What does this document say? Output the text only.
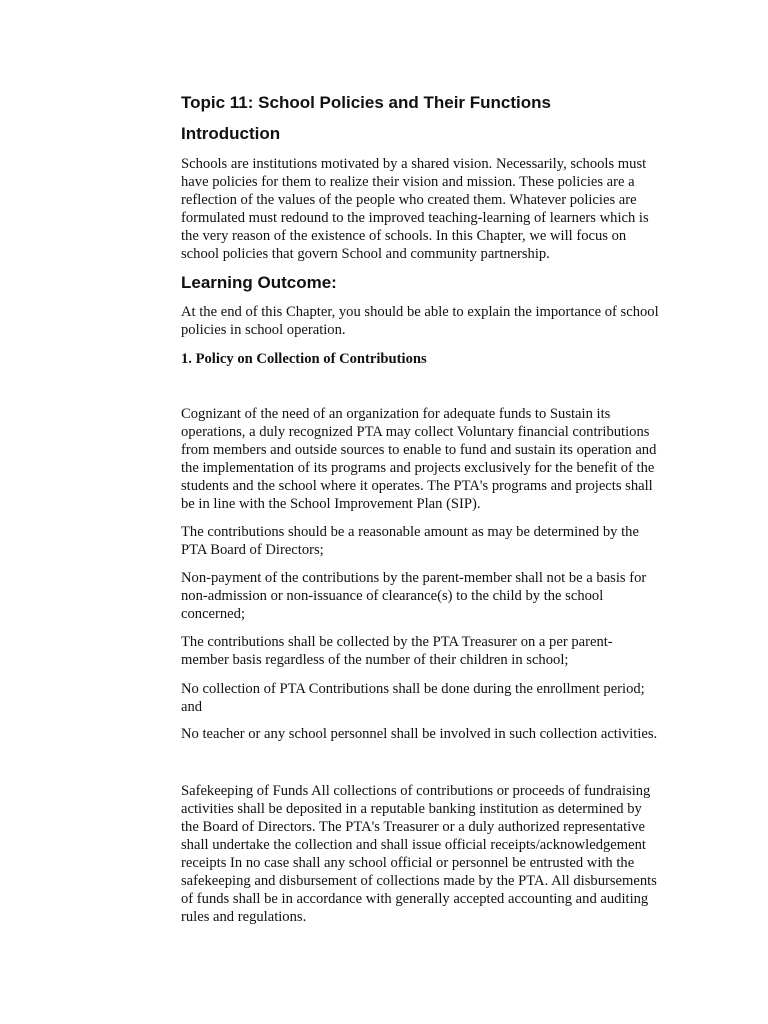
Topic 11: School Policies and Their Functions
Introduction

Schools are institutions motivated by a shared vision. Necessarily, schools must
have policies for them to realize their vision and mission. These policies are a
reflection of the values of the people who created them. Whatever policies are
formulated must redound to the improved teaching-learning of learners which is
the very reason of the existence of schools. In this Chapter, we will focus on
school policies that govern School and community partnership.

Learning Outcome:

At the end of this Chapter, you should be able to explain the importance of school
policies in school operation.

1. Policy on Collection of Contributions

Cognizant of the need of an organization for adequate funds to Sustain its
operations, a duly recognized PTA may collect Voluntary financial contributions
from members and outside sources to enable to fund and sustain its operation and
the implementation of its programs and projects exclusively for the benefit of the
students and the school where it operates. The PTA's programs and projects shall
be in line with the School Improvement Plan (SIP).

The contributions should be a reasonable amount as may be determined by the
PTA Board of Directors;

Non-payment of the contributions by the parent-member shall not be a basis for
non-admission or non-issuance of clearance(s) to the child by the school
concerned;

The contributions shall be collected by the PTA Treasurer on a per parent-
member basis regardless of the number of their children in school;

No collection of PTA Contributions shall be done during the enrollment period;
and

No teacher or any school personnel shall be involved in such collection activities.

Safekeeping of Funds All collections of contributions or proceeds of fundraising
activities shall be deposited in a reputable banking institution as determined by
the Board of Directors. The PTA's Treasurer or a duly authorized representative
shall undertake the collection and shall issue official receipts/acknowledgement
receipts In no case shall any school official or personnel be entrusted with the
safekeeping and disbursement of collections made by the PTA. All disbursements
of funds shall be in accordance with generally accepted accounting and auditing
rules and regulations.
